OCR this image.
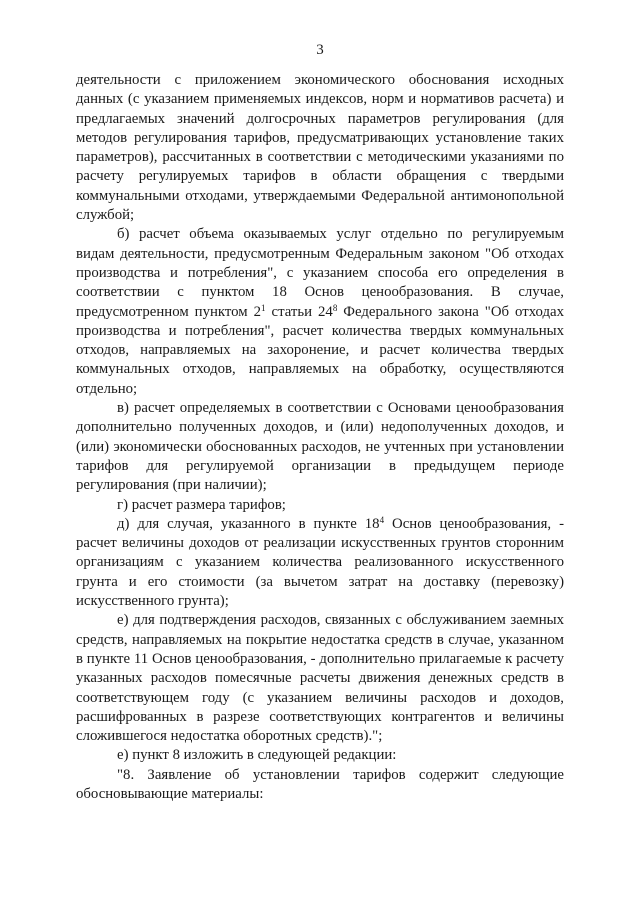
3

деятельности с приложением экономического обоснования исходных данных (с указанием применяемых индексов, норм и нормативов расчета) и предлагаемых значений долгосрочных параметров регулирования (для методов регулирования тарифов, предусматривающих установление таких параметров), рассчитанных в соответствии с методическими указаниями по расчету регулируемых тарифов в области обращения с твердыми коммунальными отходами, утверждаемыми Федеральной антимонопольной службой;

б) расчет объема оказываемых услуг отдельно по регулируемым видам деятельности, предусмотренным Федеральным законом "Об отходах производства и потребления", с указанием способа его определения в соответствии с пунктом 18 Основ ценообразования. В случае, предусмотренном пунктом $2^1$ статьи $24^8$ Федерального закона "Об отходах производства и потребления", расчет количества твердых коммунальных отходов, направляемых на захоронение, и расчет количества твердых коммунальных отходов, направляемых на обработку, осуществляются отдельно;

в) расчет определяемых в соответствии с Основами ценообразования дополнительно полученных доходов, и (или) недополученных доходов, и (или) экономически обоснованных расходов, не учтенных при установлении тарифов для регулируемой организации в предыдущем периоде регулирования (при наличии);

г) расчет размера тарифов;

д) для случая, указанного в пункте $18^4$ Основ ценообразования, - расчет величины доходов от реализации искусственных грунтов сторонним организациям с указанием количества реализованного искусственного грунта и его стоимости (за вычетом затрат на доставку (перевозку) искусственного грунта);

е) для подтверждения расходов, связанных с обслуживанием заемных средств, направляемых на покрытие недостатка средств в случае, указанном в пункте 11 Основ ценообразования, - дополнительно прилагаемые к расчету указанных расходов помесячные расчеты движения денежных средств в соответствующем году (с указанием величины расходов и доходов, расшифрованных в разрезе соответствующих контрагентов и величины сложившегося недостатка оборотных средств).";

е) пункт 8 изложить в следующей редакции:

"8. Заявление об установлении тарифов содержит следующие обосновывающие материалы:
